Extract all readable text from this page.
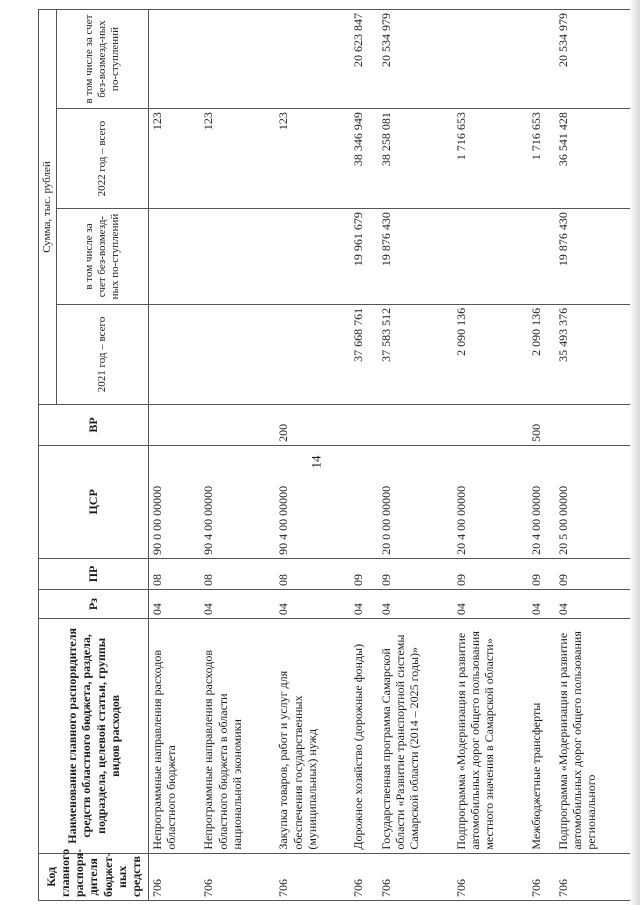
14
Код главного распоря-дителя бюджет-ных средств	Наименование главного распорядителя средств областного бюджета, раздела, подраздела, целевой статьи, группы видов расходов	Рз	ПР	ЦСР	ВР	Сумма, тыс. рублей			
						2021 год – всего	в том числе за счет без-возмезд-ных по-ступлений	2022 год – всего	в том числе за счет без-возмезд-ных по-ступлений
706	Непрограммные направления расходов областного бюджета	04	08	90 0 00 00000				123	
706	Непрограммные направления расходов областного бюджета в области национальной экономики	04	08	90 4 00 00000				123	
706	Закупка товаров, работ и услуг для обеспечения государственных (муниципальных) нужд	04	08	90 4 00 00000	200			123	
706	Дорожное хозяйство (дорожные фонды)	04	09			37 668 761	19 961 679	38 346 949	20 623 847
706	Государственная программа Самарской области «Развитие транспортной системы Самарской области (2014 – 2025 годы)»	04	09	20 0 00 00000		37 583 512	19 876 430	38 258 081	20 534 979
706	Подпрограмма «Модернизация и развитие автомобильных дорог общего пользования местного значения в Самарской области»	04	09	20 4 00 00000		2 090 136		1 716 653	
706	Межбюджетные трансферты	04	09	20 4 00 00000	500	2 090 136		1 716 653	
706	Подпрограмма «Модернизация и развитие автомобильных дорог общего пользования регионального	04	09	20 5 00 00000		35 493 376	19 876 430	36 541 428	20 534 979
